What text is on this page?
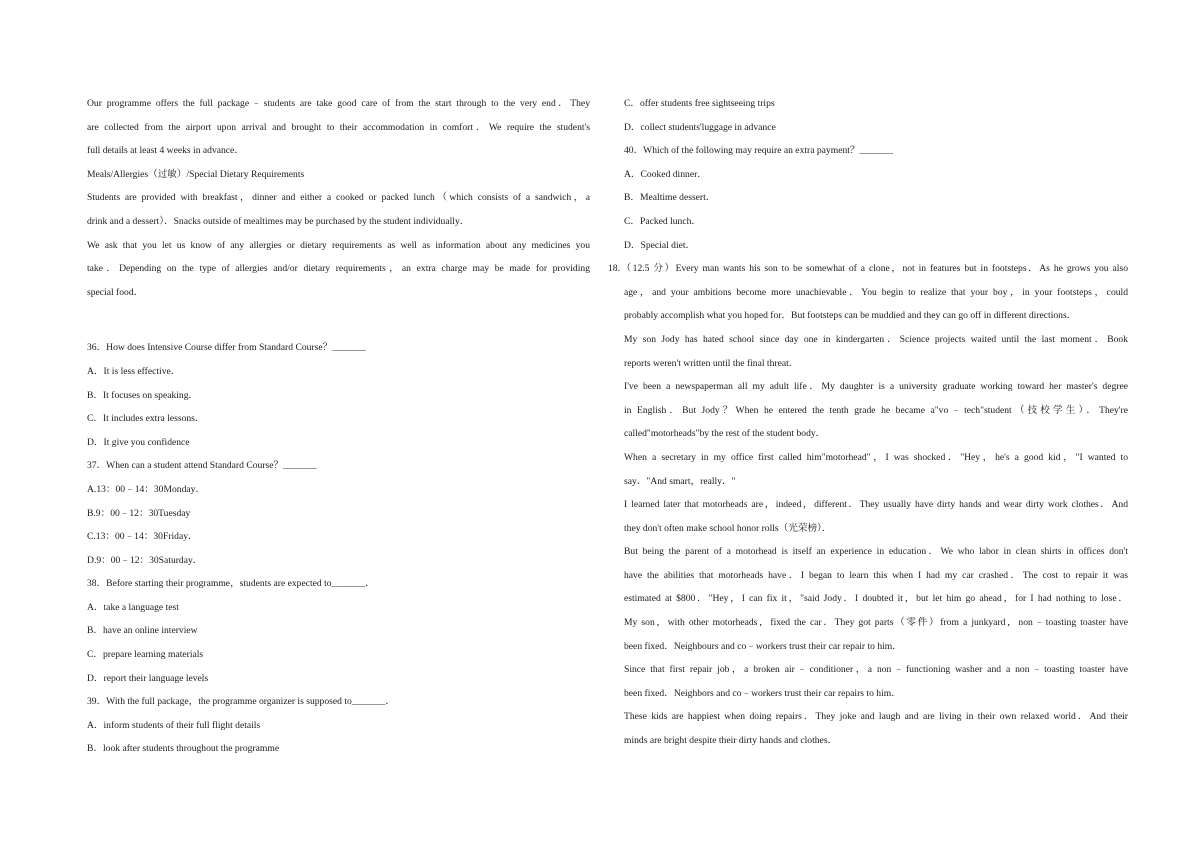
Our programme offers the full package﹣students are take good care of from the start through to the very end．They
are collected from the airport upon arrival and brought to their accommodation in comfort．We require the student's
full details at least 4 weeks in advance．
Meals/Allergies（过敏）/Special Dietary Requirements
Students are provided with breakfast，dinner and either a cooked or packed lunch（which consists of a sandwich，a
drink and a dessert）．Snacks outside of mealtimes may be purchased by the student individually．
We ask that you let us know of any allergies or dietary requirements as well as information about any medicines you
take．Depending on the type of allergies and/or dietary requirements，an extra charge may be made for providing
special food．
36．How does Intensive Course differ from Standard Course？_______
A．It is less effective．
B．It focuses on speaking．
C．It includes extra lessons．
D．It give you confidence
37．When can a student attend Standard Course？_______
A.13：00﹣14：30Monday．
B.9：00﹣12：30Tuesday
C.13：00﹣14：30Friday．
D.9：00﹣12：30Saturday．
38．Before starting their programme，students are expected to_______．
A．take a language test
B．have an online interview
C．prepare learning materials
D．report their language levels
39．With the full package，the programme organizer is supposed to_______．
A．inform students of their full flight details
B．look after students throughout the programme
C．offer students free sightseeing trips
D．collect students'luggage in advance
40．Which of the following may require an extra payment？_______
A．Cooked dinner．
B．Mealtime dessert．
C．Packed lunch．
D．Special diet．
18.（12.5 分）Every man wants his son to be somewhat of a clone，not in features but in footsteps．As he grows you also
age，and your ambitions become more unachievable．You begin to realize that your boy，in your footsteps，could
probably accomplish what you hoped for．But footsteps can be muddied and they can go off in different directions．
My son Jody has hated school since day one in kindergarten．Science projects waited until the last moment．Book
reports weren't written until the final threat．
I've been a newspaperman all my adult life．My daughter is a university graduate working toward her master's degree
in English．But Jody？When he entered the tenth grade he became a"vo﹣tech"student（技校学生）．They're
called"motorheads"by the rest of the student body．
When a secretary in my office first called him"motorhead"，I was shocked．"Hey，he's a good kid，"I wanted to
say．"And smart，really．"
I learned later that motorheads are，indeed，different．They usually have dirty hands and wear dirty work clothes．And
they don't often make school honor rolls（光荣榜）．
But being the parent of a motorhead is itself an experience in education．We who labor in clean shirts in offices don't
have the abilities that motorheads have．I began to learn this when I had my car crashed．The cost to repair it was
estimated at $800．"Hey，I can fix it，"said Jody．I doubted it，but let him go ahead，for I had nothing to lose．
My son，with other motorheads，fixed the car．They got parts（零件）from a junkyard，non﹣toasting toaster have
been fixed．Neighbours and co﹣workers trust their car repair to him．
Since that first repair job，a broken air﹣conditioner，a non﹣functioning washer and a non﹣toasting toaster have
been fixed．Neighbors and co﹣workers trust their car repairs to him．
These kids are happiest when doing repairs．They joke and laugh and are living in their own relaxed world．And their
minds are bright despite their dirty hands and clothes．
